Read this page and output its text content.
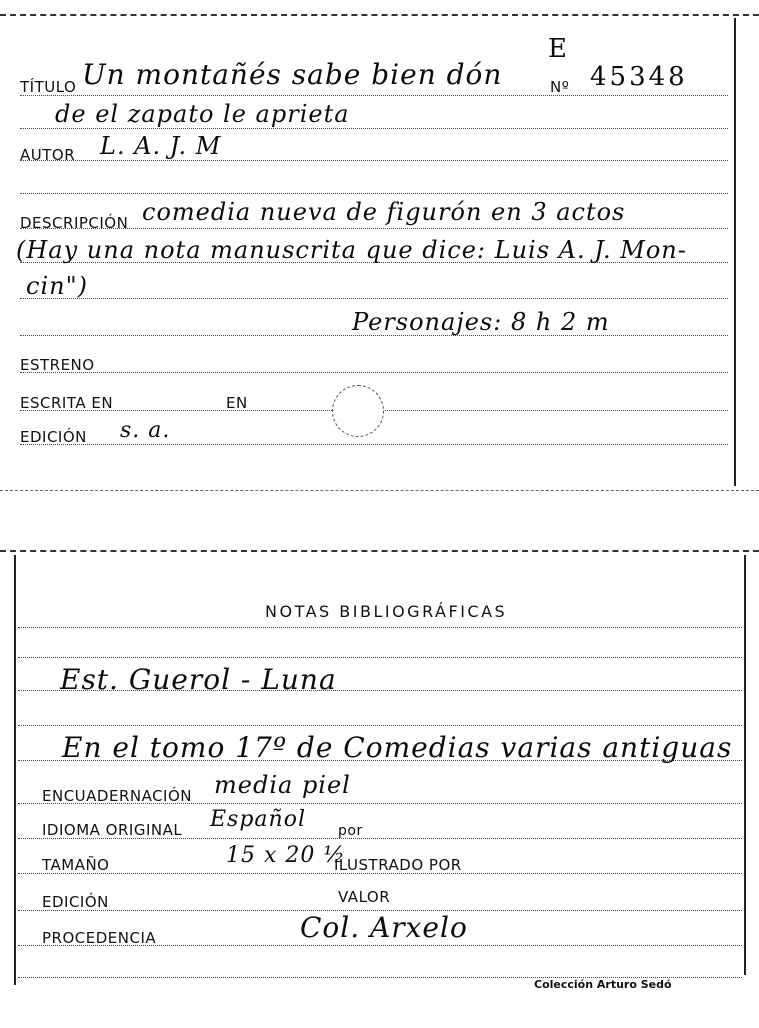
TÍTULO Un montañés sabe bien dón
E
Nº 45348
de el zapato le aprieta
AUTOR L. A. J. M
DESCRIPCIÓN comedia nueva de figurón en 3 actos
(Hay una nota manuscrita que dice: Luis A. J. Mon-
cin")
Personajes: 8 h 2 m
ESTRENO
ESCRITA EN	EN
EDICIÓN s. a.
NOTAS BIBLIOGRÁFICAS
Est. Guerol - Luna
En el tomo 17º de Comedias varias antiguas
ENCUADERNACIÓN media piel
IDIOMA ORIGINAL Español por
TAMAÑO	15 x 20 ½
ILUSTRADO POR
EDICIÓN	VALOR
PROCEDENCIA	Col. Arxelo
Colección Arturo Sedó
